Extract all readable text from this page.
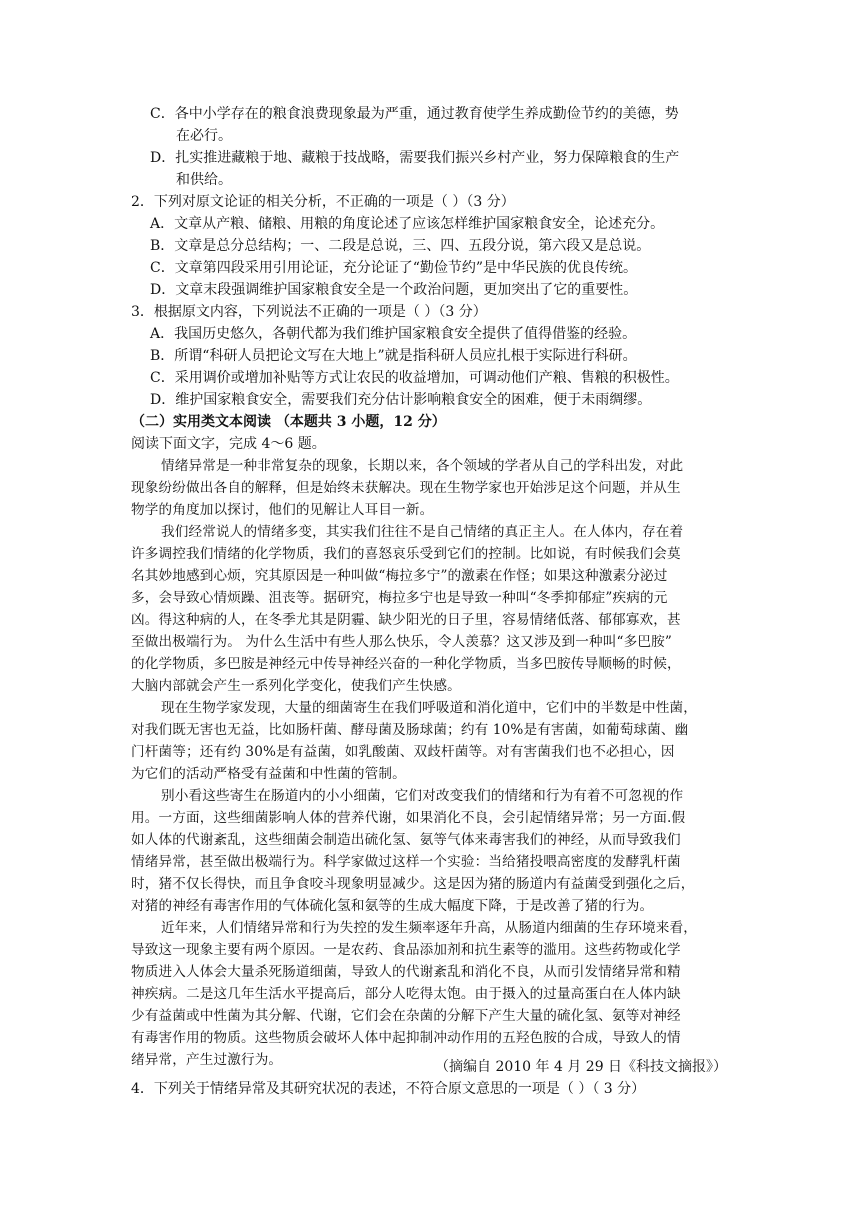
C．各中小学存在的粮食浪费现象最为严重，通过教育使学生养成勤俭节约的美德，势
在必行。
D．扎实推进藏粮于地、藏粮于技战略，需要我们振兴乡村产业，努力保障粮食的生产
和供给。
2．下列对原文论证的相关分析，不正确的一项是（ ）（3 分）
A．文章从产粮、储粮、用粮的角度论述了应该怎样维护国家粮食安全，论述充分。
B．文章是总分总结构；一、二段是总说，三、四、五段分说，第六段又是总说。
C．文章第四段采用引用论证，充分论证了“勤俭节约”是中华民族的优良传统。
D．文章末段强调维护国家粮食安全是一个政治问题，更加突出了它的重要性。
3．根据原文内容，下列说法不正确的一项是（ ）（3 分）
A．我国历史悠久，各朝代都为我们维护国家粮食安全提供了值得借鉴的经验。
B．所谓“科研人员把论文写在大地上”就是指科研人员应扎根于实际进行科研。
C．采用调价或增加补贴等方式让农民的收益增加，可调动他们产粮、售粮的积极性。
D．维护国家粮食安全，需要我们充分估计影响粮食安全的困难，便于未雨绸缪。
（二）实用类文本阅读 （本题共 3 小题，12 分）
阅读下面文字，完成 4～6 题。
情绪异常是一种非常复杂的现象，长期以来，各个领域的学者从自己的学科出发，对此
现象纷纷做出各自的解释，但是始终未获解决。现在生物学家也开始涉足这个问题，并从生
物学的角度加以探讨，他们的见解让人耳目一新。
我们经常说人的情绪多变，其实我们往往不是自己情绪的真正主人。在人体内，存在着
许多调控我们情绪的化学物质，我们的喜怒哀乐受到它们的控制。比如说，有时候我们会莫
名其妙地感到心烦，究其原因是一种叫做“梅拉多宁”的激素在作怪；如果这种激素分泌过
多，会导致心情烦躁、沮丧等。据研究，梅拉多宁也是导致一种叫“冬季抑郁症”疾病的元
凶。得这种病的人，在冬季尤其是阴霾、缺少阳光的日子里，容易情绪低落、郁郁寡欢，甚
至做出极端行为。 为什么生活中有些人那么快乐，令人羡慕？这又涉及到一种叫“多巴胺”
的化学物质，多巴胺是神经元中传导神经兴奋的一种化学物质，当多巴胺传导顺畅的时候，
大脑内部就会产生一系列化学变化，使我们产生快感。
现在生物学家发现，大量的细菌寄生在我们呼吸道和消化道中，它们中的半数是中性菌，
对我们既无害也无益，比如肠杆菌、酵母菌及肠球菌；约有 10%是有害菌，如葡萄球菌、幽
门杆菌等；还有约 30%是有益菌，如乳酸菌、双歧杆菌等。对有害菌我们也不必担心，因
为它们的活动严格受有益菌和中性菌的管制。
别小看这些寄生在肠道内的小小细菌，它们对改变我们的情绪和行为有着不可忽视的作
用。一方面，这些细菌影响人体的营养代谢，如果消化不良，会引起情绪异常；另一方面.假
如人体的代谢紊乱，这些细菌会制造出硫化氢、氨等气体来毒害我们的神经，从而导致我们
情绪异常，甚至做出极端行为。科学家做过这样一个实验：当给猪投喂高密度的发酵乳杆菌
时，猪不仅长得快，而且争食咬斗现象明显减少。这是因为猪的肠道内有益菌受到强化之后，
对猪的神经有毒害作用的气体硫化氢和氨等的生成大幅度下降，于是改善了猪的行为。
近年来，人们情绪异常和行为失控的发生频率逐年升高，从肠道内细菌的生存环境来看，
导致这一现象主要有两个原因。一是农药、食品添加剂和抗生素等的滥用。这些药物或化学
物质进入人体会大量杀死肠道细菌，导致人的代谢紊乱和消化不良，从而引发情绪异常和精
神疾病。二是这几年生活水平提高后，部分人吃得太饱。由于摄入的过量高蛋白在人体内缺
少有益菌或中性菌为其分解、代谢，它们会在杂菌的分解下产生大量的硫化氢、氨等对神经
有毒害作用的物质。这些物质会破坏人体中起抑制冲动作用的五羟色胺的合成，导致人的情
绪异常，产生过激行为。	（摘编自 2010 年 4 月 29 日《科技文摘报》）
4．下列关于情绪异常及其研究状况的表述，不符合原文意思的一项是（ ）（ 3 分）
